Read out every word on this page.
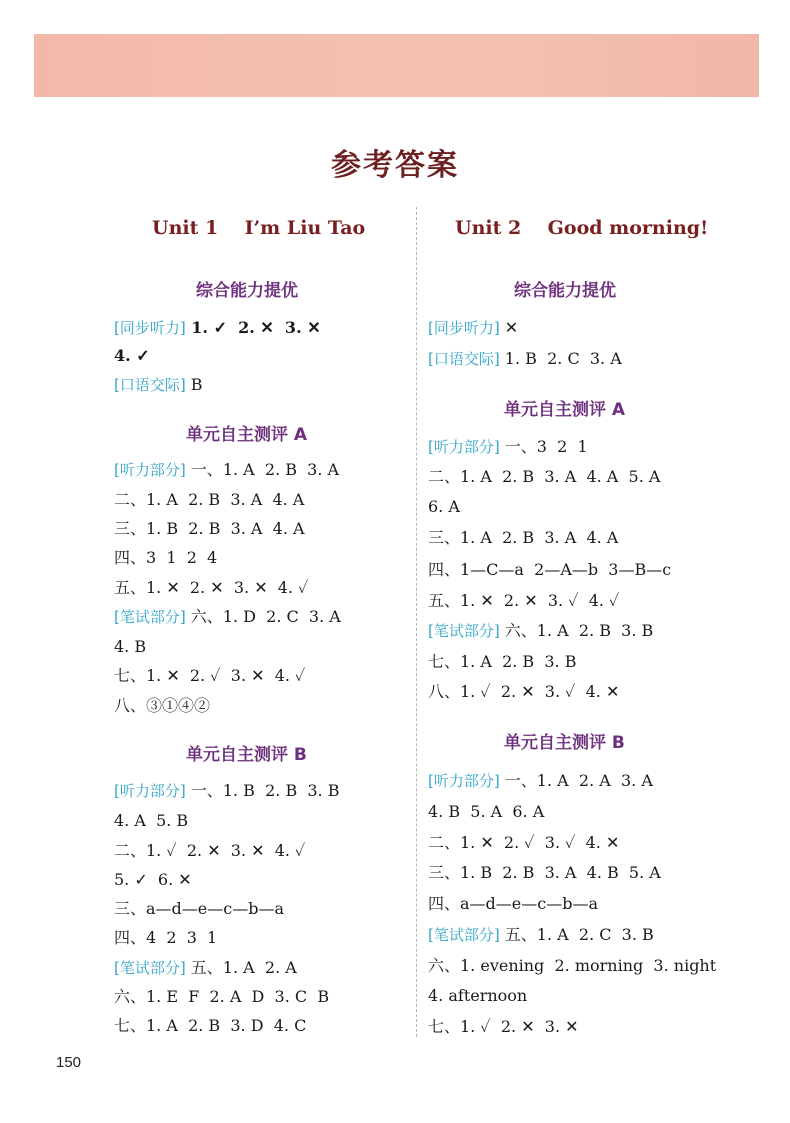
参考答案
Unit 1    I’m Liu Tao
综合能力提优
[同步听力] 1. ✓  2. ✕  3. ✕
4. ✓
[口语交际] B
单元自主测评 A
[听力部分] 一、1. A  2. B  3. A
二、1. A  2. B  3. A  4. A
三、1. B  2. B  3. A  4. A
四、3  1  2  4
五、1. ✕  2. ✕  3. ✕  4. ✓
[笔试部分] 六、1. D  2. C  3. A
4. B
七、1. ✕  2. ✓  3. ✕  4. ✓
八、③①④②
单元自主测评 B
[听力部分] 一、1. B  2. B  3. B
4. A  5. B
二、1. ✓  2. ✕  3. ✕  4. ✓
5. ✓  6. ✕
三、a—d—e—c—b—a
四、4  2  3  1
[笔试部分] 五、1. A  2. A
六、1. E  F  2. A  D  3. C  B
七、1. A  2. B  3. D  4. C
Unit 2    Good morning!
综合能力提优
[同步听力] ✕
[口语交际] 1. B  2. C  3. A
单元自主测评 A
[听力部分] 一、3  2  1
二、1. A  2. B  3. A  4. A  5. A
6. A
三、1. A  2. B  3. A  4. A
四、1—C—a  2—A—b  3—B—c
五、1. ✕  2. ✕  3. ✓  4. ✓
[笔试部分] 六、1. A  2. B  3. B
七、1. A  2. B  3. B
八、1. ✓  2. ✕  3. ✓  4. ✕
单元自主测评 B
[听力部分] 一、1. A  2. A  3. A
4. B  5. A  6. A
二、1. ✕  2. ✓  3. ✓  4. ✕
三、1. B  2. B  3. A  4. B  5. A
四、a—d—e—c—b—a
[笔试部分] 五、1. A  2. C  3. B
六、1. evening  2. morning  3. night
4. afternoon
七、1. ✓  2. ✕  3. ✕
150
